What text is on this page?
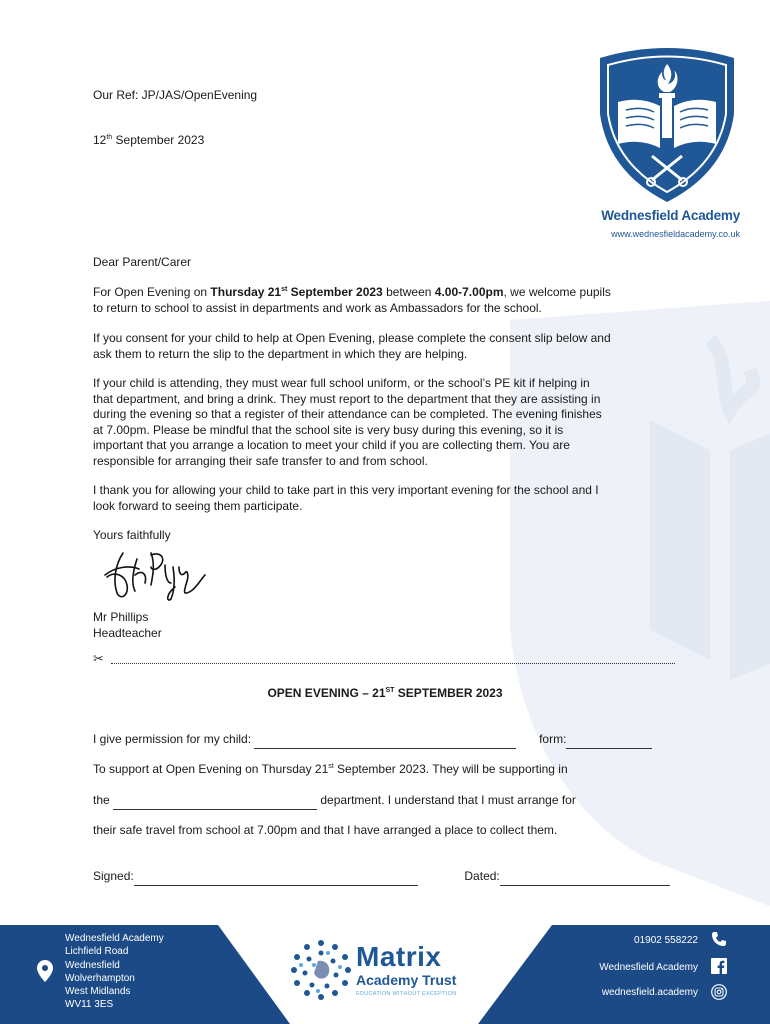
Our Ref: JP/JAS/OpenEvening

12th September 2023

Wednesfield Academy
www.wednesfieldacademy.co.uk

Dear Parent/Carer

For Open Evening on Thursday 21st September 2023 between 4.00-7.00pm, we welcome pupils

to return to school to assist in departments and work as Ambassadors for the school.

If you consent for your child to help at Open Evening, please complete the consent slip below and

ask them to return the slip to the department in which they are helping.

If your child is attending, they must wear full school uniform, or the school’s PE kit if helping in

that department, and bring a drink. They must report to the department that they are assisting in

during the evening so that a register of their attendance can be completed. The evening finishes

at 7.00pm. Please be mindful that the school site is very busy during this evening, so it is

important that you arrange a location to meet your child if you are collecting them. You are

responsible for arranging their safe transfer to and from school.

I thank you for allowing your child to take part in this very important evening for the school and I

look forward to seeing them participate.

Yours faithfully

Mr Phillips

Headteacher

✂

OPEN EVENING – 21ST SEPTEMBER 2023

I give permission for my child:	form:

To support at Open Evening on Thursday 21st September 2023. They will be supporting in

the	department. I understand that I must arrange for

their safe travel from school at 7.00pm and that I have arranged a place to collect them.

Signed:	Dated:

Wednesfield Academy

Lichfield Road

Wednesfield

Wolverhampton

West Midlands

WV11 3ES

Matrix
Academy Trust
EDUCATION WITHOUT EXCEPTION

01902 558222

Wednesfield Academy

wednesfield.academy
